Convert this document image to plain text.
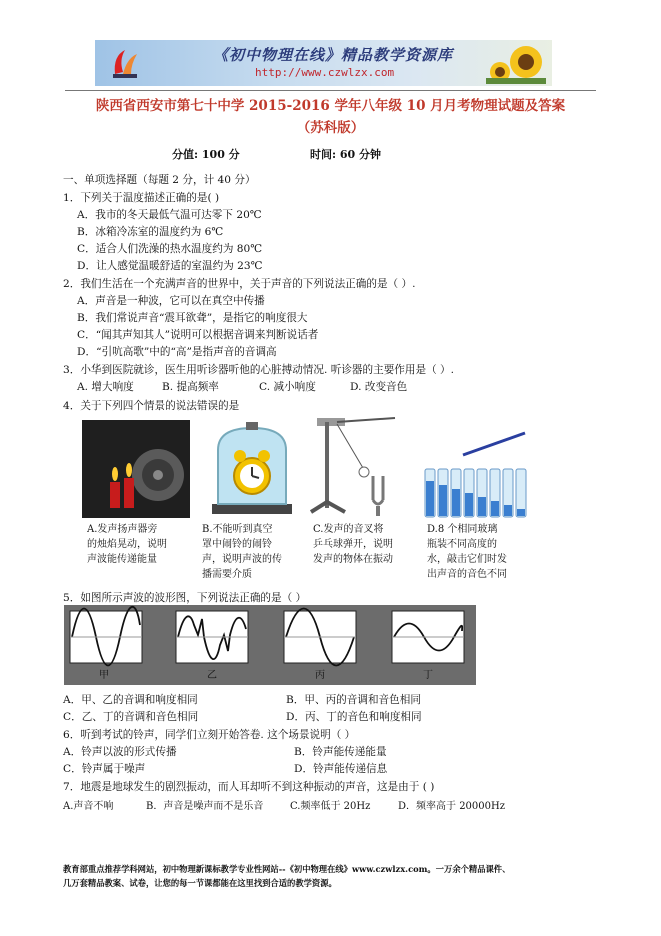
《初中物理在线》精品教学资源库
http://www.czwlzx.com
陕西省西安市第七十中学 2015-2016 学年八年级 10 月月考物理试题及答案
（苏科版）
分值: 100 分	时间: 60 分钟
一、单项选择题（每题 2 分，计 40 分）
1．下列关于温度描述正确的是( )
A．我市的冬天最低气温可达零下 20℃
B．冰箱冷冻室的温度约为 6℃
C．适合人们洗澡的热水温度约为 80℃
D．让人感觉温暖舒适的室温约为 23℃
2．我们生活在一个充满声音的世界中，关于声音的下列说法正确的是（ ）.
A．声音是一种波，它可以在真空中传播
B．我们常说声音“震耳欲聋”，是指它的响度很大
C．“闻其声知其人”说明可以根据音调来判断说话者
D．“引吭高歌”中的“高”是指声音的音调高
3．小华到医院就诊，医生用听诊器听他的心脏搏动情况. 听诊器的主要作用是（ ）.
A. 增大响度	B. 提高频率	C. 减小响度	D. 改变音色
4．关于下列四个情景的说法错误的是
A.发声扬声器旁的烛焰晃动，说明声波能传递能量
B.不能听到真空罩中闹铃的闹铃声，说明声波的传播需要介质
C.发声的音叉将乒乓球弹开，说明发声的物体在振动
D.8 个相同玻璃瓶装不同高度的水，敲击它们时发出声音的音色不同
5．如图所示声波的波形图，下列说法正确的是（ ）
甲	乙	丙	丁
A．甲、乙的音调和响度相同	B．甲、丙的音调和音色相同
C．乙、丁的音调和音色相同	D．丙、丁的音色和响度相同
6．听到考试的铃声，同学们立刻开始答卷. 这个场景说明（ ）
A．铃声以波的形式传播	B．铃声能传递能量
C．铃声属于噪声	D．铃声能传递信息
7．地震是地球发生的剧烈振动，而人耳却听不到这种振动的声音，这是由于 ( )
A.声音不响	B．声音是噪声而不是乐音	C.频率低于 20Hz	D．频率高于 20000Hz
教育部重点推荐学科网站，初中物理新课标教学专业性网站--《初中物理在线》www.czwlzx.com。一万余个精品课件、
几万套精品教案、试卷，让您的每一节课都能在这里找到合适的教学资源。
